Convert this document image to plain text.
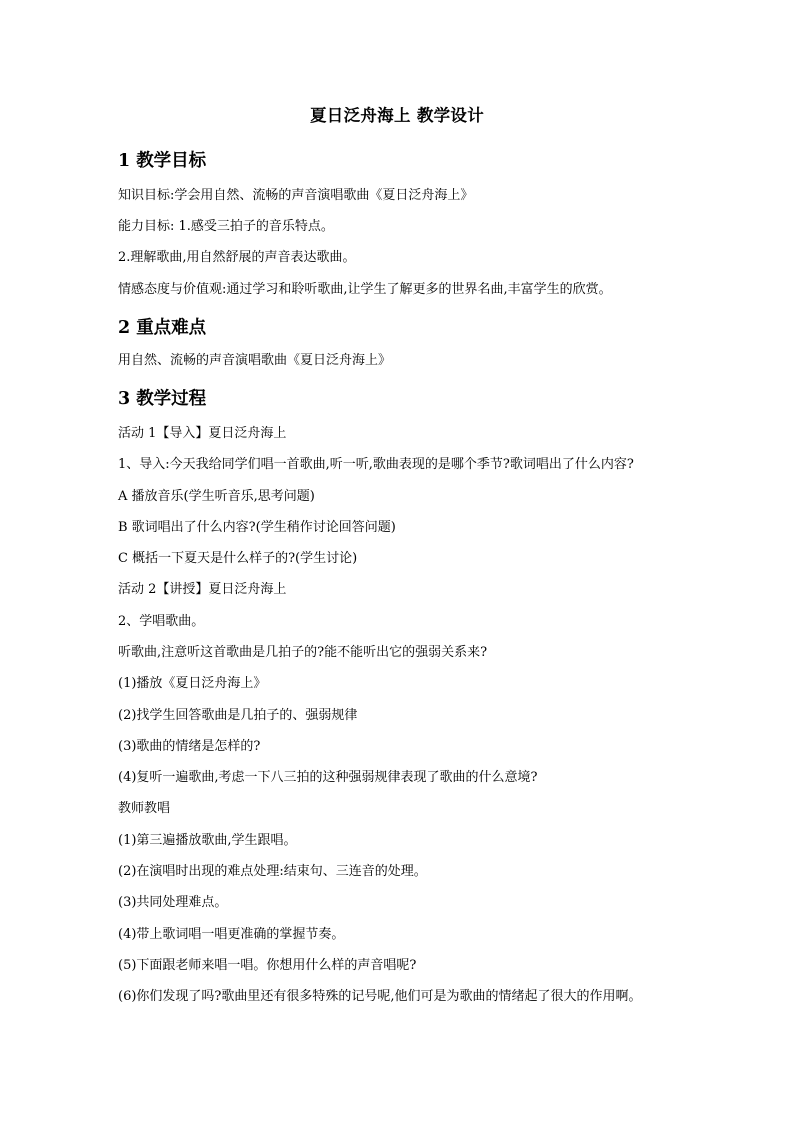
夏日泛舟海上 教学设计
1 教学目标
知识目标:学会用自然、流畅的声音演唱歌曲《夏日泛舟海上》
能力目标: 1.感受三拍子的音乐特点。
2.理解歌曲,用自然舒展的声音表达歌曲。
情感态度与价值观:通过学习和聆听歌曲,让学生了解更多的世界名曲,丰富学生的欣赏。
2 重点难点
用自然、流畅的声音演唱歌曲《夏日泛舟海上》
3 教学过程
活动 1【导入】夏日泛舟海上
1、导入:今天我给同学们唱一首歌曲,听一听,歌曲表现的是哪个季节?歌词唱出了什么内容?
A 播放音乐(学生听音乐,思考问题)
B 歌词唱出了什么内容?(学生稍作讨论回答问题)
C 概括一下夏天是什么样子的?(学生讨论)
活动 2【讲授】夏日泛舟海上
2、学唱歌曲。
听歌曲,注意听这首歌曲是几拍子的?能不能听出它的强弱关系来?
(1)播放《夏日泛舟海上》
(2)找学生回答歌曲是几拍子的、强弱规律
(3)歌曲的情绪是怎样的?
(4)复听一遍歌曲,考虑一下八三拍的这种强弱规律表现了歌曲的什么意境?
教师教唱
(1)第三遍播放歌曲,学生跟唱。
(2)在演唱时出现的难点处理:结束句、三连音的处理。
(3)共同处理难点。
(4)带上歌词唱一唱更准确的掌握节奏。
(5)下面跟老师来唱一唱。你想用什么样的声音唱呢?
(6)你们发现了吗?歌曲里还有很多特殊的记号呢,他们可是为歌曲的情绪起了很大的作用啊。
